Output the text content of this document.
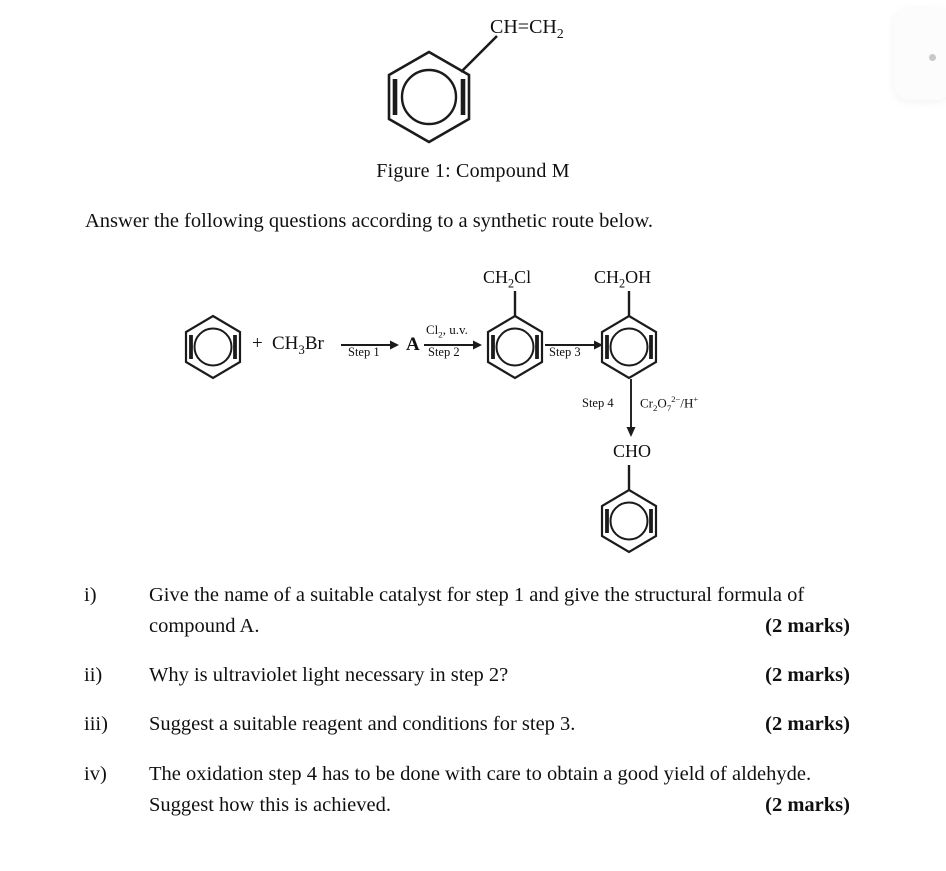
$CH=CH_2$
Figure 1: Compound M
Answer the following questions according to a synthetic route below.
+ $CH_3Br$ Step 1 A
$Cl_2$, u.v.
Step 2
$CH_2Cl$
Step 3
$CH_2OH$
Step 4 $Cr_2O_7^{2-}/H^+$
CHO
i)	Give the name of a suitable catalyst for step 1 and give the structural formula of
compound A.	(2 marks)
ii)	(2 marks)
Why is ultraviolet light necessary in step 2?
iii)	(2 marks)
Suggest a suitable reagent and conditions for step 3.
iv) The oxidation step 4 has to be done with care to obtain a good yield of aldehyde.
Suggest how this is achieved.	(2 marks)
